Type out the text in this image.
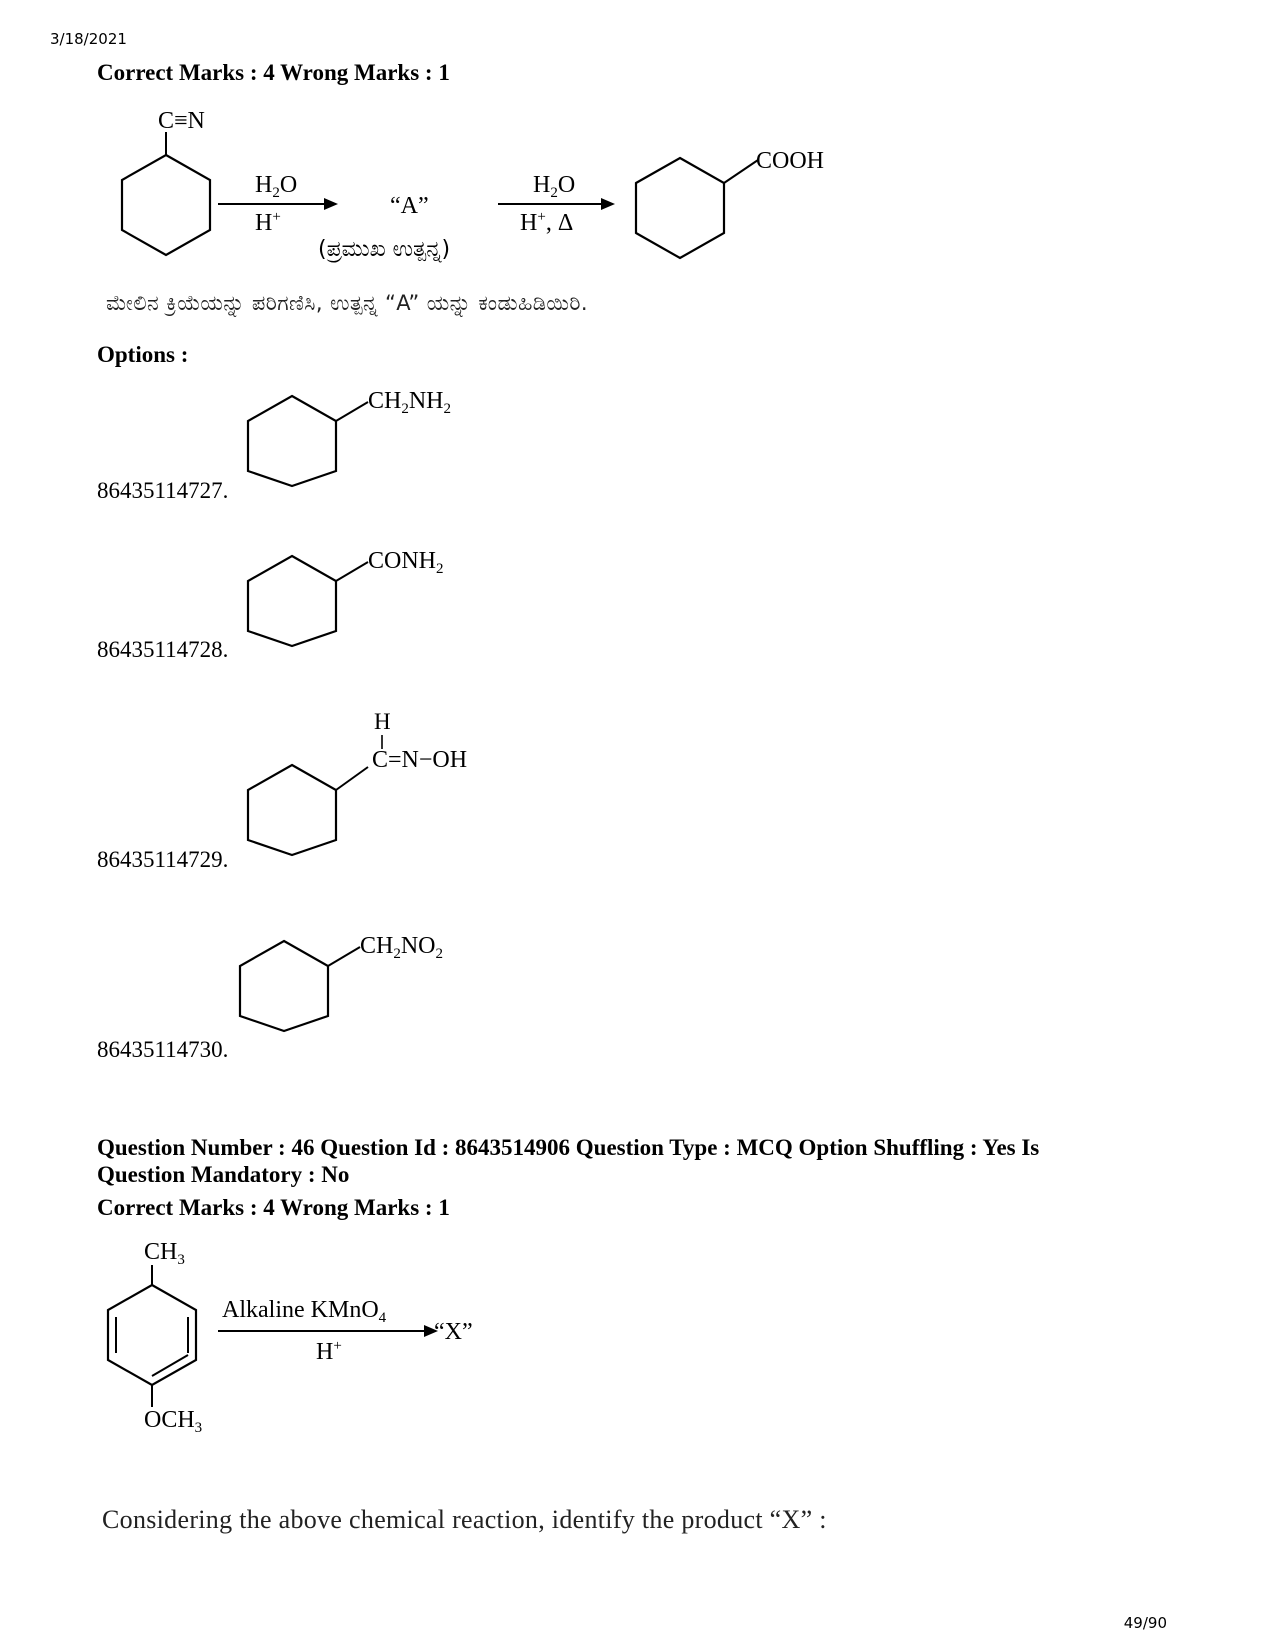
3/18/2021
Correct Marks : 4 Wrong Marks : 1
C≡N
$H_2O$
H+	“A”
(ಪ್ರಮುಖ ಉತ್ಪನ್ನ)
$H_2O$
H+, Δ
COOH
ಮೇಲಿನ ಕ್ರಿಯೆಯನ್ನು ಪರಿಗಣಿಸಿ, ಉತ್ಪನ್ನ “A” ಯನ್ನು ಕಂಡುಹಿಡಿಯಿರಿ.
Options :
$CH_2NH_2$
86435114727.
$CONH_2$
86435114728.
H
C=N−OH
86435114729.
$CH_2NO_2$
86435114730.
Question Number : 46 Question Id : 8643514906 Question Type : MCQ Option Shuffling : Yes Is
Question Mandatory : No
Correct Marks : 4 Wrong Marks : 1
$CH_3$
$OCH_3$
Alkaline KMnO$_4$
H+
“X”
Considering the above chemical reaction, identify the product “X” :
49/90
